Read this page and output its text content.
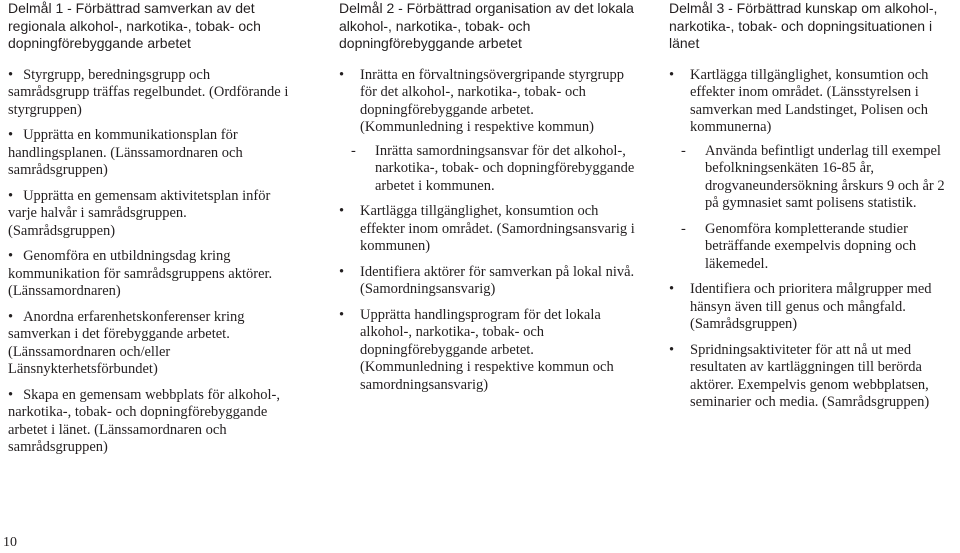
Delmål 1 - Förbättrad samverkan av det regionala alkohol-, narkotika-, tobak- och dopningförebyggande arbetet
• Styrgrupp, beredningsgrupp och samrådsgrupp träffas regelbundet. (Ordförande i styrgruppen)
• Upprätta en kommunikationsplan för handlingsplanen. (Länssamordnaren och samrådsgruppen)
• Upprätta en gemensam aktivitetsplan inför varje halvår i samrådsgruppen. (Samrådsgruppen)
• Genomföra en utbildningsdag kring kommunikation för samrådsgruppens aktörer. (Länssamordnaren)
• Anordna erfarenhetskonferenser kring samverkan i det förebyggande arbetet. (Länssamordnaren och/eller Länsnykterhetsförbundet)
• Skapa en gemensam webbplats för alkohol-, narkotika-, tobak- och dopningförebyggande arbetet i länet. (Länssamordnaren och samrådsgruppen)
Delmål 2 - Förbättrad organisation av det lokala alkohol-, narkotika-, tobak- och dopningförebyggande arbetet
• Inrätta en förvaltningsövergripande styrgrupp för det alkohol-, narkotika-, tobak- och dopningförebyggande arbetet. (Kommunledning i respektive kommun)
- Inrätta samordningsansvar för det alkohol-, narkotika-, tobak- och dopningförebyggande arbetet i kommunen.
• Kartlägga tillgänglighet, konsumtion och effekter inom området. (Samordningsansvarig i kommunen)
• Identifiera aktörer för samverkan på lokal nivå. (Samordningsansvarig)
• Upprätta handlingsprogram för det lokala alkohol-, narkotika-, tobak- och dopningförebyggande arbetet. (Kommunledning i respektive kommun och samordningsansvarig)
Delmål 3 - Förbättrad kunskap om alkohol-, narkotika-, tobak- och dopningsituationen i länet
• Kartlägga tillgänglighet, konsumtion och effekter inom området. (Länsstyrelsen i samverkan med Landstinget, Polisen och kommunerna)
- Använda befintligt underlag till exempel befolkningsenkäten 16-85 år, drogvaneundersökning årskurs 9 och år 2 på gymnasiet samt polisens statistik.
- Genomföra kompletterande studier beträffande exempelvis dopning och läkemedel.
• Identifiera och prioritera målgrupper med hänsyn även till genus och mångfald. (Samrådsgruppen)
• Spridningsaktiviteter för att nå ut med resultaten av kartläggningen till berörda aktörer. Exempelvis genom webbplatsen, seminarier och media. (Samrådsgruppen)
10
